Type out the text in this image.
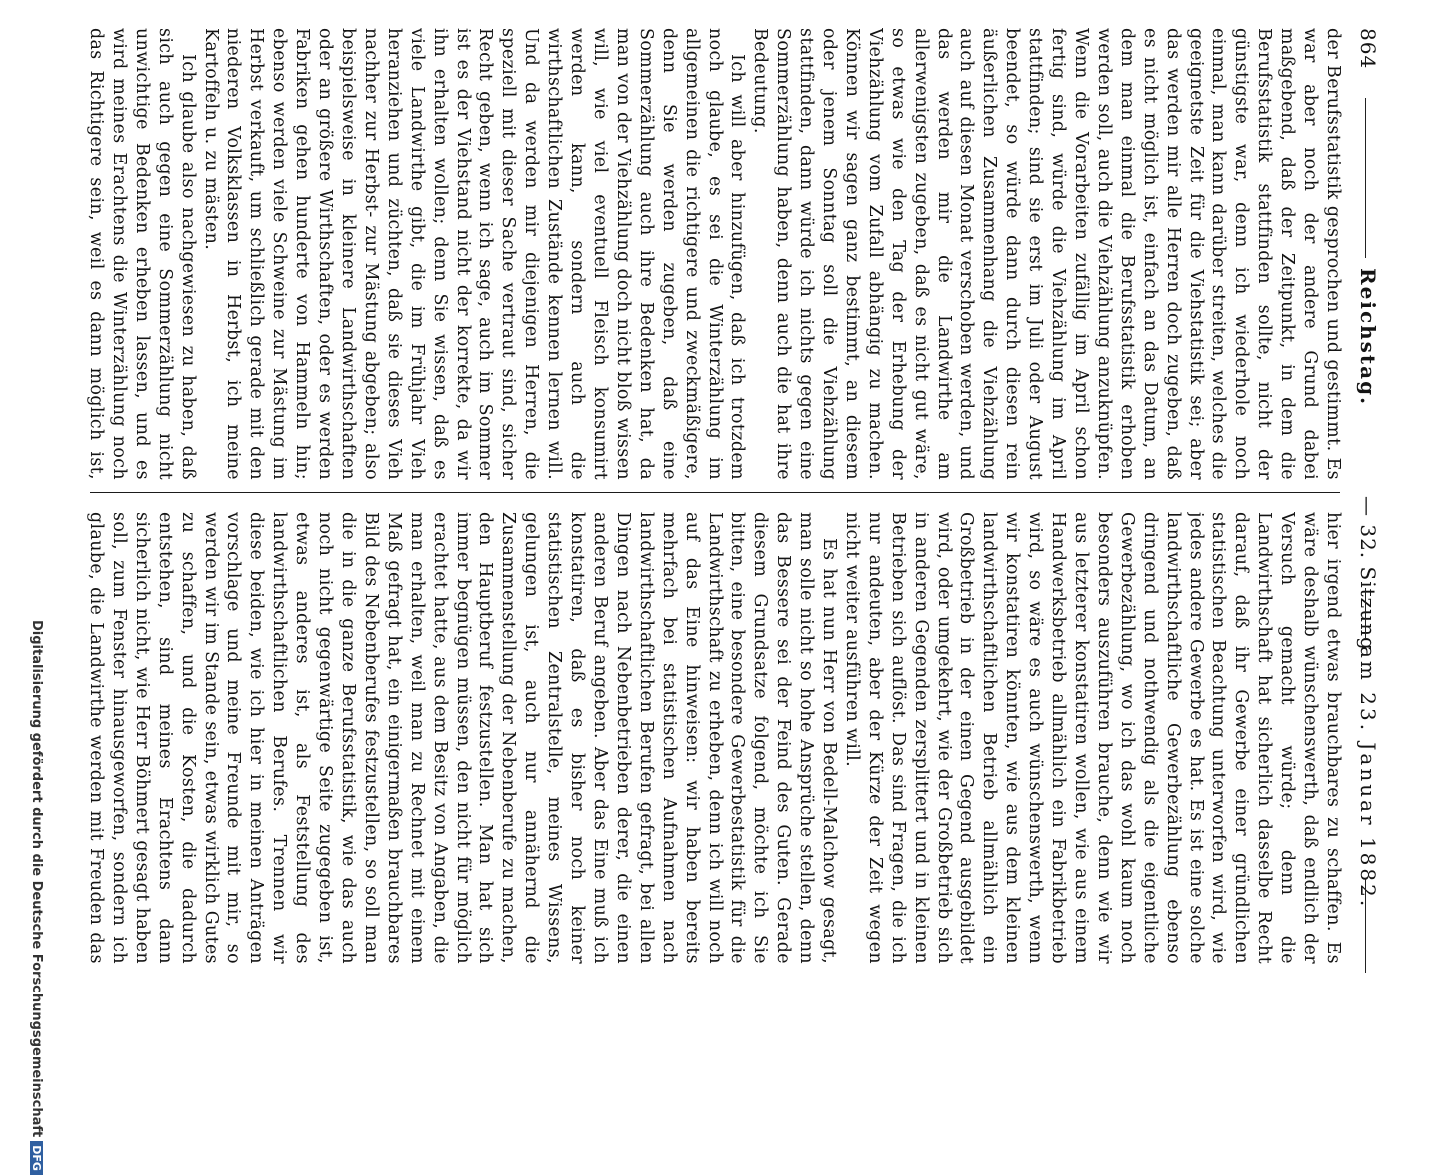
864
Reichstag.
— 32. Sitzung
am 23. Januar 1882.

der Berufsstatistik gesprochen und gestimmt. Es war aber noch der andere Grund dabei maßgebend, daß der Zeitpunkt, in dem die Berufsstatistik stattfinden sollte, nicht der günstigste war, denn ich wiederhole noch einmal, man kann darüber streiten, welches die geeignetste Zeit für die Viehstatistik sei; aber das werden mir alle Herren doch zugeben, daß es nicht möglich ist, einfach an das Datum, an dem man einmal die Berufsstatistik erhoben werden soll, auch die Viehzählung anzuknüpfen. Wenn die Vorarbeiten zufällig im April schon fertig sind, würde die Viehzählung im April stattfinden; sind sie erst im Juli oder August beendet, so würde dann durch diesen rein äußerlichen Zusammenhang die Viehzählung auch auf diesen Monat verschoben werden, und das werden mir die Landwirthe am allerwenigsten zugeben, daß es nicht gut wäre, so etwas wie den Tag der Erhebung der Viehzählung vom Zufall abhängig zu machen. Können wir sagen ganz bestimmt, an diesem oder jenem Sonntag soll die Viehzählung stattfinden, dann würde ich nichts gegen eine Sommerzählung haben, denn auch die hat ihre Bedeutung.

Ich will aber hinzufügen, daß ich trotzdem noch glaube, es sei die Winterzählung im allgemeinen die richtigere und zweckmäßigere, denn Sie werden zugeben, daß eine Sommerzählung auch ihre Bedenken hat, da man von der Viehzählung doch nicht bloß wissen will, wie viel eventuell Fleisch konsumirt werden kann, sondern auch die wirthschaftlichen Zustände kennen lernen will. Und da werden mir diejenigen Herren, die speziell mit dieser Sache vertraut sind, sicher Recht geben, wenn ich sage, auch im Sommer ist es der Viehstand nicht der korrekte, da wir ihn erhalten wollen; denn Sie wissen, daß es viele Landwirthe gibt, die im Frühjahr Vieh heranziehen und züchten, daß sie dieses Vieh nachher zur Herbst- zur Mästung abgeben; also beispielsweise in kleinere Landwirthschaften oder an größere Wirthschaften, oder es werden Fabriken gehen hunderte von Hammeln hin; ebenso werden viele Schweine zur Mästung im Herbst verkauft, um schließlich gerade mit den niederen Volksklassen in Herbst, ich meine Kartoffeln u. zu mästen.

Ich glaube also nachgewiesen zu haben, daß sich auch gegen eine Sommerzählung nicht unwichtige Bedenken erheben lassen, und es wird meines Erachtens die Winterzählung noch das Richtigere sein, weil es dann möglich ist,

hier irgend etwas brauchbares zu schaffen. Es wäre deshalb wünschenswerth, daß endlich der Versuch gemacht würde; denn die Landwirthschaft hat sicherlich dasselbe Recht darauf, daß ihr Gewerbe einer gründlichen statistischen Beachtung unterworfen wird, wie jedes andere Gewerbe es hat. Es ist eine solche landwirthschaftliche Gewerbezählung ebenso dringend und nothwendig als die eigentliche Gewerbezählung, wo ich das wohl kaum noch besonders auszuführen brauche, denn wie wir aus letzterer konstatiren wollen, wie aus einem Handwerksbetrieb allmählich ein Fabrikbetrieb wird, so wäre es auch wünschenswerth, wenn wir konstatiren könnten, wie aus dem kleinen landwirthschaftlichen Betrieb allmählich ein Großbetrieb in der einen Gegend ausgebildet wird, oder umgekehrt, wie der Großbetrieb sich in anderen Gegenden zersplittert und in kleinen Betrieben sich auflöst. Das sind Fragen, die ich nur andeuten, aber der Kürze der Zeit wegen nicht weiter ausführen will.

Es hat nun Herr von Bedell-Malchow gesagt, man solle nicht so hohe Ansprüche stellen, denn das Bessere sei der Feind des Guten. Gerade diesem Grundsatze folgend, möchte ich Sie bitten, eine besondere Gewerbestatistik für die Landwirthschaft zu erheben, denn ich will noch auf das Eine hinweisen: wir haben bereits mehrfach bei statistischen Aufnahmen nach landwirthschaftlichen Berufen gefragt, bei allen Dingen nach Nebenbetrieben derer, die einen anderen Beruf angeben. Aber das Eine muß ich konstatiren, daß es bisher noch keiner statistischen Zentralstelle, meines Wissens, gelungen ist, auch nur annähernd die Zusammenstellung der Nebenberufe zu machen, den Hauptberuf festzustellen. Man hat sich immer begnügen müssen, den nicht für möglich erachtet hatte, aus dem Besitz von Angaben, die man erhalten, weil man zu Rechnet mit einem Maß gefragt hat, ein einigermaßen brauchbares Bild des Nebenberufes festzustellen, so soll man die in die ganze Berufsstatistik, wie das auch noch nicht gegenwärtige Seite zugegeben ist, etwas anderes ist, als Feststellung des landwirthschaftlichen Berufes. Trennen wir diese beiden, wie ich hier in meinen Anträgen vorschlage und meine Freunde mit mir, so werden wir im Stande sein, etwas wirklich Gutes zu schaffen, und die Kosten, die dadurch entstehen, sind meines Erachtens dann sicherlich nicht, wie Herr Böhmert gesagt haben soll, zum Fenster hinausgeworfen, sondern ich glaube, die Landwirthe werden mit Freuden das

Digitalisierung gefördert durch die Deutsche ForschungsgemeinschaftDFG
